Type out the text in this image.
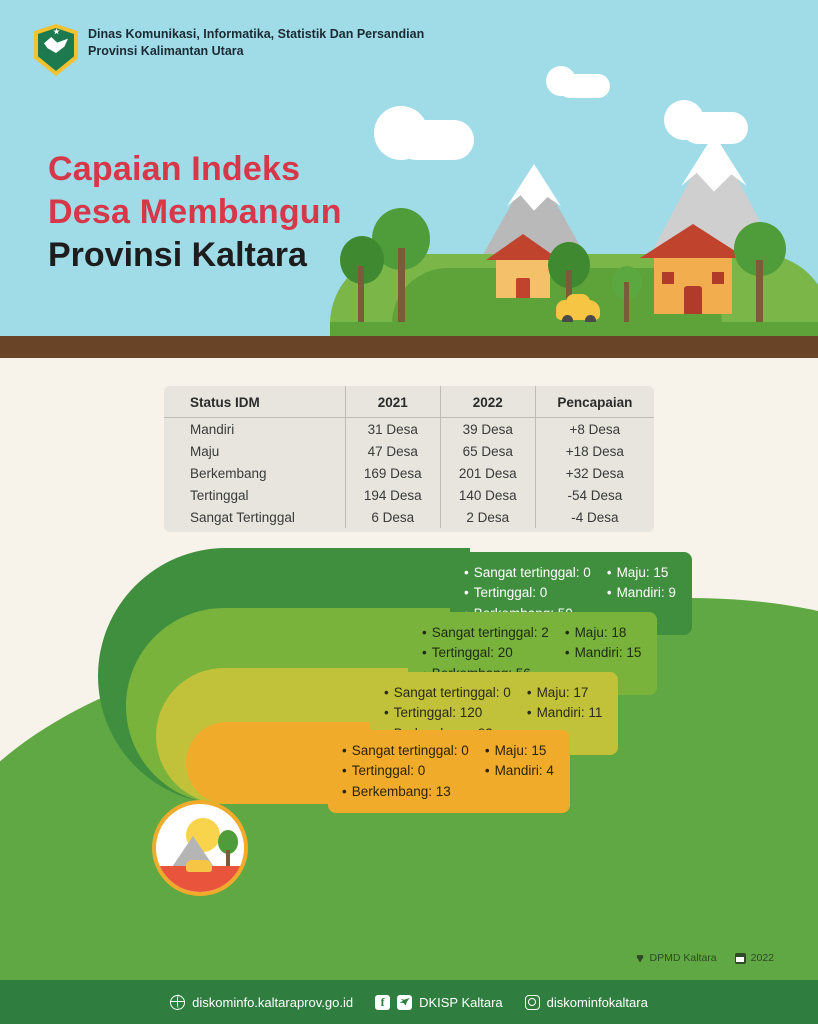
Dinas Komunikasi, Informatika, Statistik Dan Persandian
Provinsi Kalimantan Utara
Capaian Indeks
Desa Membangun
Provinsi Kaltara
Status IDM	2021	2022	Pencapaian
Mandiri	31 Desa	39 Desa	+8 Desa
Maju	47 Desa	65 Desa	+18 Desa
Berkembang	169 Desa	201 Desa	+32 Desa
Tertinggal	194 Desa	140 Desa	-54 Desa
Sangat Tertinggal	6 Desa	2 Desa	-4 Desa
• Sangat tertinggal: 0
• Tertinggal: 0
•
• Maju: 15
• Mandiri: 9
• Sangat tertinggal: 2
• Tertinggal: 20
•
• Maju: 18
• Mandiri: 15
• Sangat tertinggal: 0
• Tertinggal: 120
•
• Maju: 17
• Mandiri: 11
• Sangat tertinggal: 0
• Tertinggal: 0
• Berkembang: 13
• Maju: 15
• Mandiri: 4
DPMD Kaltara	2022
diskominfo.kaltaraprov.go.id	f	DKISP Kaltara	diskominfokaltara
